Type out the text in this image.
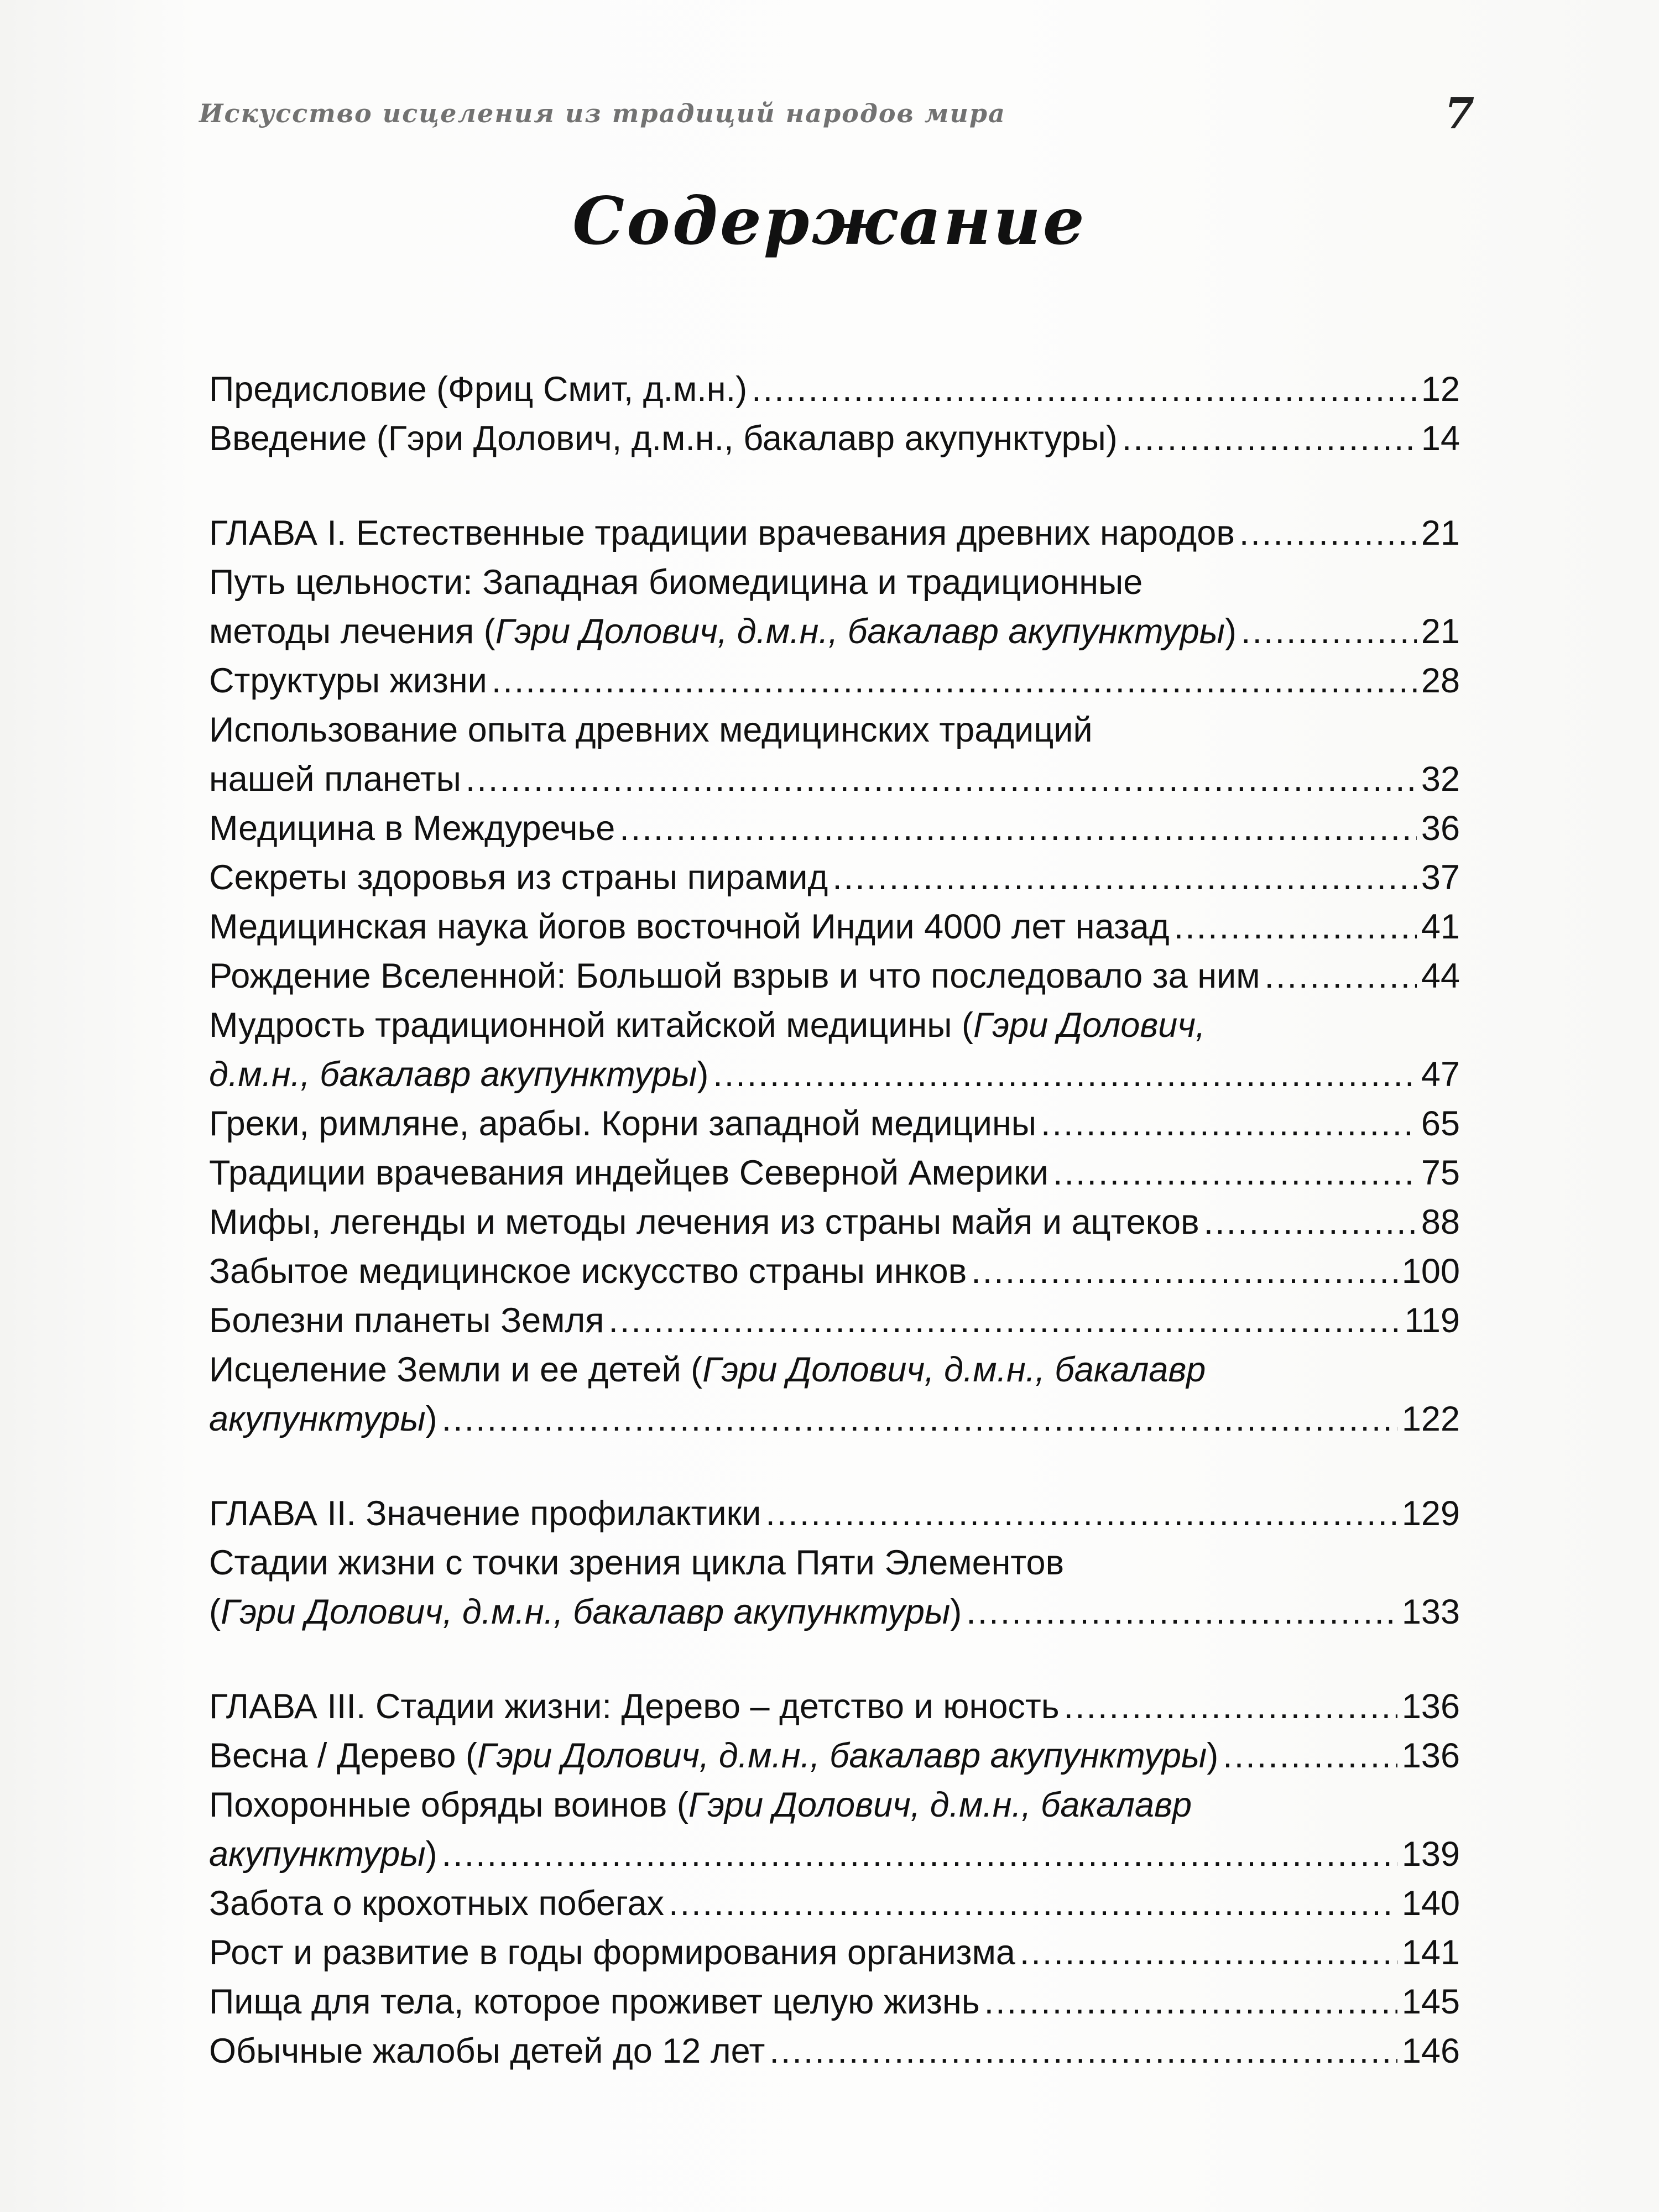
Искусство исцеления из традиций народов мира	7
Содержание
Предисловие (Фриц Смит, д.м.н.) .....	12
Введение (Гэри Долович, д.м.н., бакалавр акупунктуры) .....	14
ГЛАВА I. Естественные традиции врачевания древних народов .....	21
Путь цельности: Западная биомедицина и традиционные
методы лечения (Гэри Долович, д.м.н., бакалавр акупунктуры) .....	21
Структуры жизни .....	28
Использование опыта древних медицинских традиций
нашей планеты .....	32
Медицина в Междуречье .....	36
Секреты здоровья из страны пирамид .....	37
Медицинская наука йогов восточной Индии 4000 лет назад .....	41
Рождение Вселенной: Большой взрыв и что последовало за ним .....	44
Мудрость традиционной китайской медицины (Гэри Долович,
д.м.н., бакалавр акупунктуры) .....	47
Греки, римляне, арабы. Корни западной медицины .....	65
Традиции врачевания индейцев Северной Америки .....	75
Мифы, легенды и методы лечения из страны майя и ацтеков .....	88
Забытое медицинское искусство страны инков .....	100
Болезни планеты Земля .....	119
Исцеление Земли и ее детей (Гэри Долович, д.м.н., бакалавр
акупунктуры) .....	122
ГЛАВА II. Значение профилактики .....	129
Стадии жизни с точки зрения цикла Пяти Элементов
(Гэри Долович, д.м.н., бакалавр акупунктуры) .....	133
ГЛАВА III. Стадии жизни: Дерево – детство и юность .....	136
Весна / Дерево (Гэри Долович, д.м.н., бакалавр акупунктуры) .....	136
Похоронные обряды воинов (Гэри Долович, д.м.н., бакалавр
акупунктуры) .....	139
Забота о крохотных побегах .....	140
Рост и развитие в годы формирования организма .....	141
Пища для тела, которое проживет целую жизнь .....	145
Обычные жалобы детей до 12 лет .....	146
